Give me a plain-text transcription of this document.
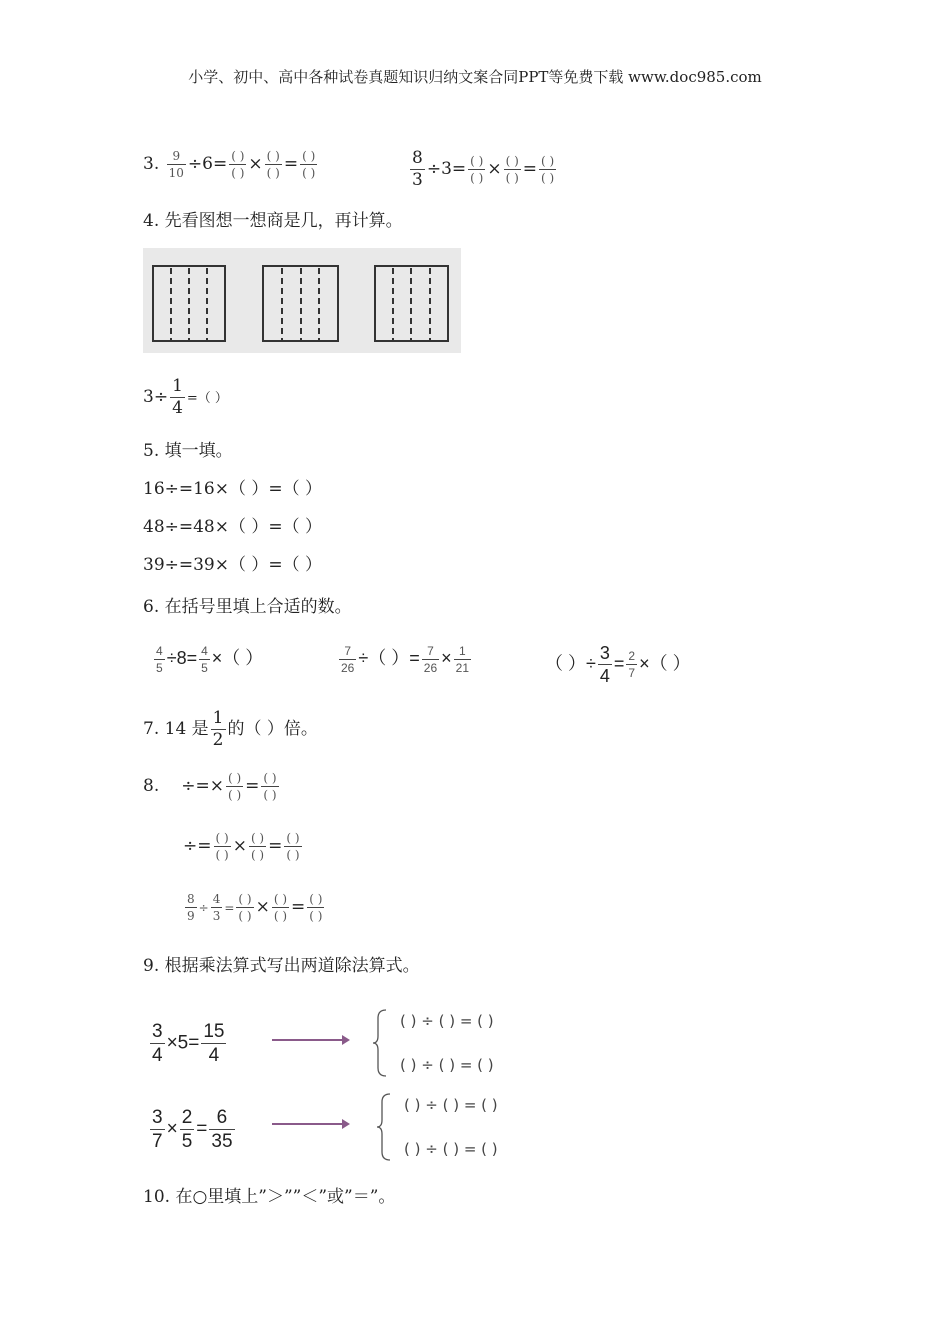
小学、初中、高中各种试卷真题知识归纳文案合同PPT等免费下载 www.doc985.com
3. $\frac{9}{10} \div 6= \frac{( )}{( )} \times \frac{( )}{( )} = \frac{( )}{( )}$	$\frac{8}{3} \div 3= \frac{( )}{( )} \times \frac{( )}{( )} = \frac{( )}{( )}$
4. 先看图想一想商是几，再计算。
$3\div \frac{1}{4}$ =（ ）
5. 填一填。
16÷=16×（ ）=（ ）
48÷=48×（ ）=（ ）
39÷=39×（ ）=（ ）
6. 在括号里填上合适的数。
$\frac{4}{5} \div 8= \frac{4}{5}$ ×（ ）	$\frac{7}{26}$ ÷（ ）= $\frac{7}{26} \times \frac{1}{21}$	（ ）÷ $\frac{3}{4} = \frac{2}{7}$ ×（ ）
7. 14 是 $\frac{1}{2}$ 的（ ）倍。
8. ÷=× $\frac{( )}{( )} = \frac{( )}{( )}$
÷= $\frac{( )}{( )} \times \frac{( )}{( )} = \frac{( )}{( )}$
$\frac{8}{9} \div \frac{4}{3} = \frac{( )}{( )} \times \frac{( )}{( )} = \frac{( )}{( )}$
9. 根据乘法算式写出两道除法算式。
$\frac{3}{4} \times 5= \frac{15}{4}$
( ) ÷ ( ) = ( )
( ) ÷ ( ) = ( )
$\frac{3}{7} \times \frac{2}{5} = \frac{6}{35}$
( ) ÷ ( ) = ( )
( ) ÷ ( ) = ( )
10. 在○里填上”＞””＜”或”＝”。
